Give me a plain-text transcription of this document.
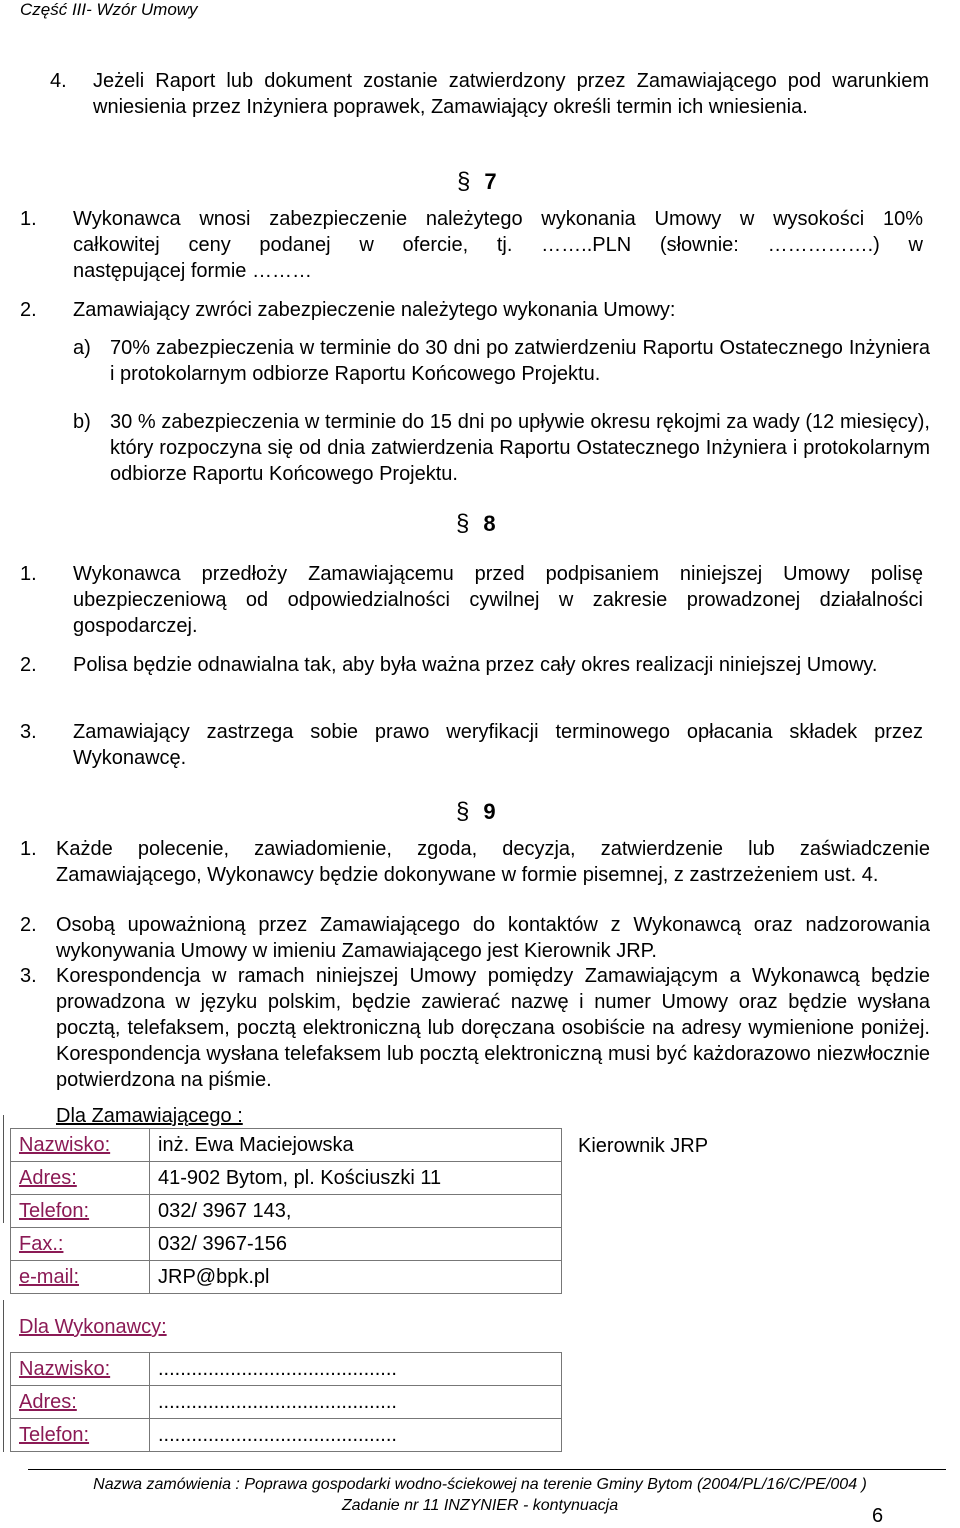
Część III- Wzór Umowy
4. Jeżeli Raport lub dokument zostanie zatwierdzony przez Zamawiającego pod warunkiem wniesienia przez Inżyniera poprawek, Zamawiający określi termin ich wniesienia.
§ 7
1. Wykonawca wnosi zabezpieczenie należytego wykonania Umowy w wysokości 10%
całkowitej ceny podanej w ofercie, tj. ……..PLN (słownie: …………….) w
następującej formie ………
2. Zamawiający zwróci zabezpieczenie należytego wykonania Umowy:
a) 70% zabezpieczenia w terminie do 30 dni po zatwierdzeniu Raportu Ostatecznego Inżyniera i protokolarnym odbiorze Raportu Końcowego Projektu.
b) 30 % zabezpieczenia w terminie do 15 dni po upływie okresu rękojmi za wady (12 miesięcy), który rozpoczyna się od dnia zatwierdzenia Raportu Ostatecznego Inżyniera i protokolarnym odbiorze Raportu Końcowego Projektu.
§ 8
1. Wykonawca przedłoży Zamawiającemu przed podpisaniem niniejszej Umowy polisę ubezpieczeniową od odpowiedzialności cywilnej w zakresie prowadzonej działalności gospodarczej.
2. Polisa będzie odnawialna tak, aby była ważna przez cały okres realizacji niniejszej Umowy.
3. Zamawiający zastrzega sobie prawo weryfikacji terminowego opłacania składek przez Wykonawcę.
§ 9
1. Każde polecenie, zawiadomienie, zgoda, decyzja, zatwierdzenie lub zaświadczenie Zamawiającego, Wykonawcy będzie dokonywane w formie pisemnej, z zastrzeżeniem ust. 4.
2. Osobą upoważnioną przez Zamawiającego do kontaktów z Wykonawcą oraz nadzorowania wykonywania Umowy w imieniu Zamawiającego jest Kierownik JRP.
3. Korespondencja w ramach niniejszej Umowy pomiędzy Zamawiającym a Wykonawcą będzie prowadzona w języku polskim, będzie zawierać nazwę i numer Umowy oraz będzie wysłana pocztą, telefaksem, pocztą elektroniczną lub doręczana osobiście na adresy wymienione poniżej. Korespondencja wysłana telefaksem lub pocztą elektroniczną musi być każdorazowo niezwłocznie potwierdzona na piśmie.
Dla Zamawiającego :
Kierownik JRP
Nazwisko:	inż. Ewa Maciejowska
Adres:	41-902 Bytom, pl. Kościuszki 11
Telefon:	032/ 3967 143,
Fax.:	032/ 3967-156
e-mail:	JRP@bpk.pl
Dla Wykonawcy:
Nazwisko:	...........................................
Adres:	...........................................
Telefon:	...........................................
Nazwa zamówienia : Poprawa gospodarki wodno-ściekowej na terenie Gminy Bytom (2004/PL/16/C/PE/004 )
Zadanie nr 11 INZYNIER - kontynuacja	6
